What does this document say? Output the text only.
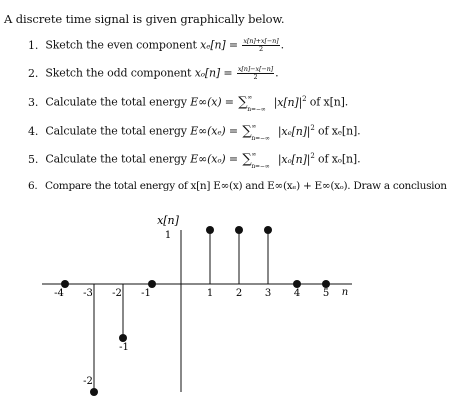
A discrete time signal is given graphically below.
1. Sketch the even component $x_e[n] = \frac{x[n]+x[-n]}{2}$ .
2. Sketch the odd component $x_o[n] = \frac{x[n]-x[-n]}{2}$ .
3. Calculate the total energy E∞(x) = ∑ ∞
n=−∞
$|x[n]|^2$ of x[n].
4. Calculate the total energy E∞(xₑ) = ∑ ∞
n=−∞
$|x_e[n]|^2$ of xₑ[n].
5. Calculate the total energy E∞(xₒ) = ∑ ∞
n=−∞
$|x_o[n]|^2$ of xₒ[n].
6. Compare the total energy of x[n] E∞(x) and E∞(xₑ) + E∞(xₒ). Draw a conclusion
x[n]
n
1
-1
-2
-4 -3 -2 -1	1 2 3 4 5
